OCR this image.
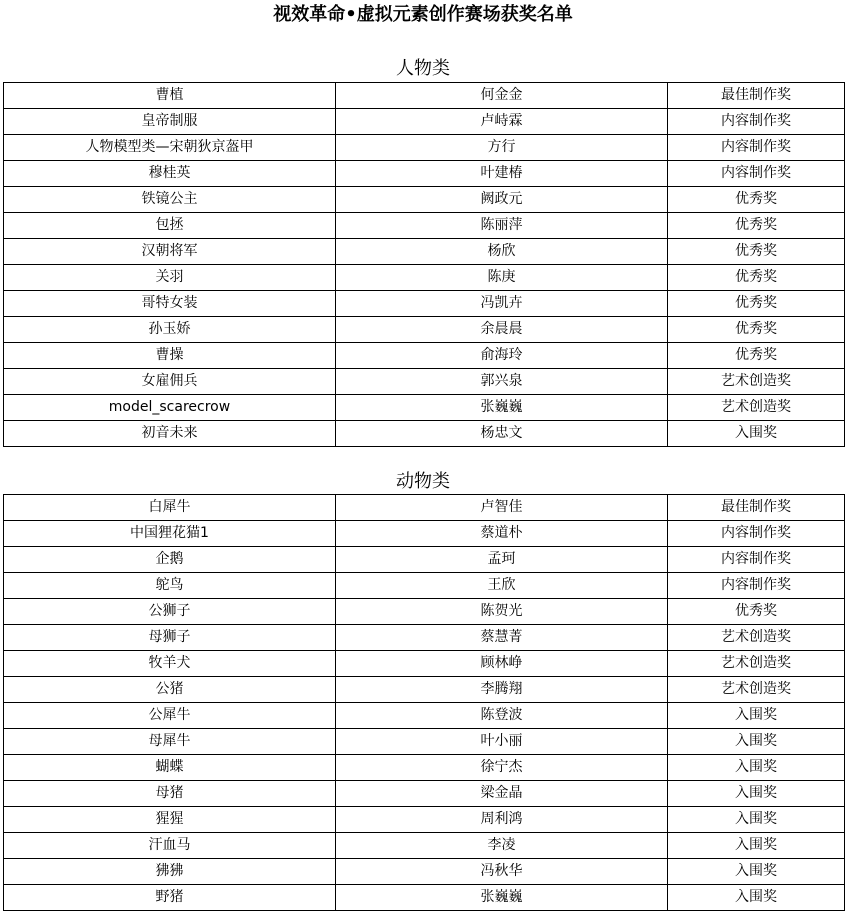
视效革命•虚拟元素创作赛场获奖名单
人物类
曹植	何金金	最佳制作奖
皇帝制服	卢峙霖	内容制作奖
人物模型类—宋朝狄京盔甲	方行	内容制作奖
穆桂英	叶建椿	内容制作奖
铁镜公主	阙政元	优秀奖
包拯	陈丽萍	优秀奖
汉朝将军	杨欣	优秀奖
关羽	陈庚	优秀奖
哥特女装	冯凯卉	优秀奖
孙玉娇	余晨晨	优秀奖
曹操	俞海玲	优秀奖
女雇佣兵	郭兴泉	艺术创造奖
model_scarecrow	张巍巍	艺术创造奖
初音未来	杨忠文	入围奖
动物类
白犀牛	卢智佳	最佳制作奖
中国狸花猫1	蔡道朴	内容制作奖
企鹅	孟珂	内容制作奖
鸵鸟	王欣	内容制作奖
公狮子	陈贺光	优秀奖
母狮子	蔡慧菁	艺术创造奖
牧羊犬	顾林峥	艺术创造奖
公猪	李腾翔	艺术创造奖
公犀牛	陈登波	入围奖
母犀牛	叶小丽	入围奖
蝴蝶	徐宁杰	入围奖
母猪	梁金晶	入围奖
猩猩	周利鸿	入围奖
汗血马	李凌	入围奖
狒狒	冯秋华	入围奖
野猪	张巍巍	入围奖
